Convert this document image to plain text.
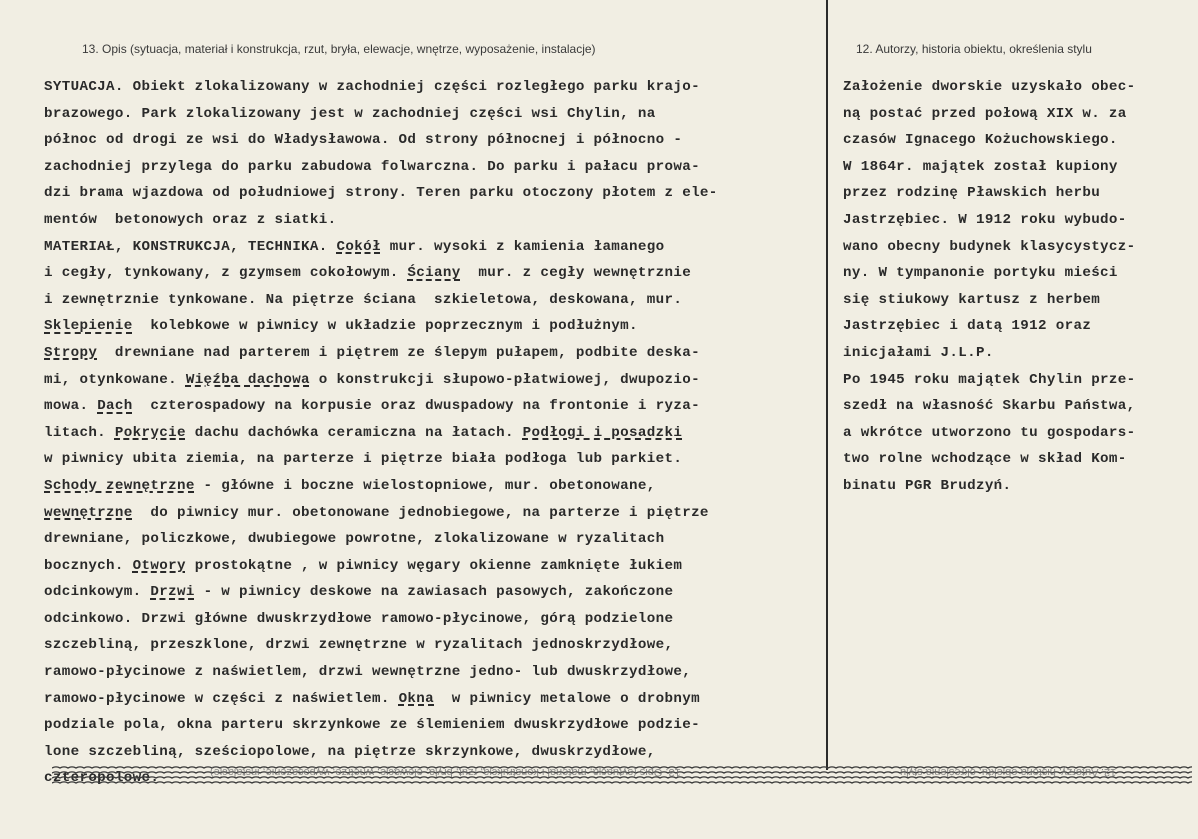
13. Opis (sytuacja, materiał i konstrukcja, rzut, bryła, elewacje, wnętrze, wyposażenie, instalacje)	12. Autorzy, historia obiektu, określenia stylu
SYTUACJA. Obiekt zlokalizowany w zachodniej części rozległego parku krajo-
brazowego. Park zlokalizowany jest w zachodniej części wsi Chylin, na
północ od drogi ze wsi do Władysławowa. Od strony północnej i północno -
zachodniej przylega do parku zabudowa folwarczna. Do parku i pałacu prowa-
dzi brama wjazdowa od południowej strony. Teren parku otoczony płotem z ele-
mentów  betonowych oraz z siatki.
MATERIAŁ, KONSTRUKCJA, TECHNIKA. Cokół mur. wysoki z kamienia łamanego
i cegły, tynkowany, z gzymsem cokołowym. Ściany  mur. z cegły wewnętrznie
i zewnętrznie tynkowane. Na piętrze ściana  szkieletowa, deskowana, mur.
Sklepienie  kolebkowe w piwnicy w układzie poprzecznym i podłużnym.
Stropy  drewniane nad parterem i piętrem ze ślepym pułapem, podbite deska-
mi, otynkowane. Więźba dachowa o konstrukcji słupowo-płatwiowej, dwupozio-
mowa. Dach  czterospadowy na korpusie oraz dwuspadowy na frontonie i ryza-
litach. Pokrycie dachu dachówka ceramiczna na łatach. Podłogi i posadzki
w piwnicy ubita ziemia, na parterze i piętrze biała podłoga lub parkiet.
Schody zewnętrzne - główne i boczne wielostopniowe, mur. obetonowane,
wewnętrzne  do piwnicy mur. obetonowane jednobiegowe, na parterze i piętrze
drewniane, policzkowe, dwubiegowe powrotne, zlokalizowane w ryzalitach
bocznych. Otwory prostokątne , w piwnicy węgary okienne zamknięte łukiem
odcinkowym. Drzwi - w piwnicy deskowe na zawiasach pasowych, zakończone
odcinkowo. Drzwi główne dwuskrzydłowe ramowo-płycinowe, górą podzielone
szczebliną, przeszklone, drzwi zewnętrzne w ryzalitach jednoskrzydłowe,
ramowo-płycinowe z naświetlem, drzwi wewnętrzne jedno- lub dwuskrzydłowe,
ramowo-płycinowe w części z naświetlem. Okna  w piwnicy metalowe o drobnym
podziale pola, okna parteru skrzynkowe ze ślemieniem dwuskrzydłowe podzie-
lone szczebliną, sześciopolowe, na piętrze skrzynkowe, dwuskrzydłowe,
czteropolowe.
Założenie dworskie uzyskało obec-
ną postać przed połową XIX w. za
czasów Ignacego Kożuchowskiego.
W 1864r. majątek został kupiony
przez rodzinę Pławskich herbu
Jastrzębiec. W 1912 roku wybudo-
wano obecny budynek klasycystycz-
ny. W tympanonie portyku mieści
się stiukowy kartusz z herbem
Jastrzębiec i datą 1912 oraz
inicjałami J.L.P.
Po 1945 roku majątek Chylin prze-
szedł na własność Skarbu Państwa,
a wkrótce utworzono tu gospodars-
two rolne wchodzące w skład Kom-
binatu PGR Brudzyń.
13. Opis (sytuacja, materiał i konstrukcja, rzut, bryła, elewacje, wnętrze, wyposażenie, instalacje)	12. Autorzy, historia obiektu, określenia stylu
